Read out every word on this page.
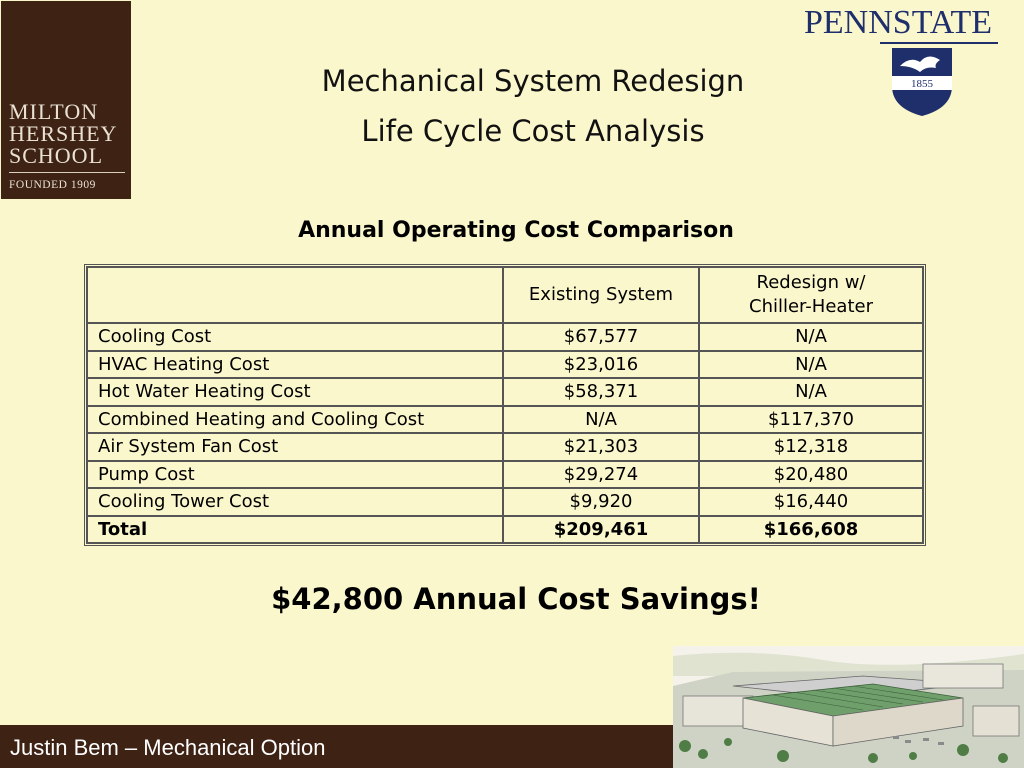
MILTON
HERSHEY
SCHOOL
FOUNDED 1909
PENNSTATE
1855
Mechanical System Redesign
Life Cycle Cost Analysis
Annual Operating Cost Comparison
	Existing System	Redesign w/
Chiller-Heater
Cooling Cost	$67,577	N/A
HVAC Heating Cost	$23,016	N/A
Hot Water Heating Cost	$58,371	N/A
Combined Heating and Cooling Cost	N/A	$117,370
Air System Fan Cost	$21,303	$12,318
Pump Cost	$29,274	$20,480
Cooling Tower Cost	$9,920	$16,440
Total	$209,461	$166,608
$42,800 Annual Cost Savings!
Justin Bem – Mechanical Option
